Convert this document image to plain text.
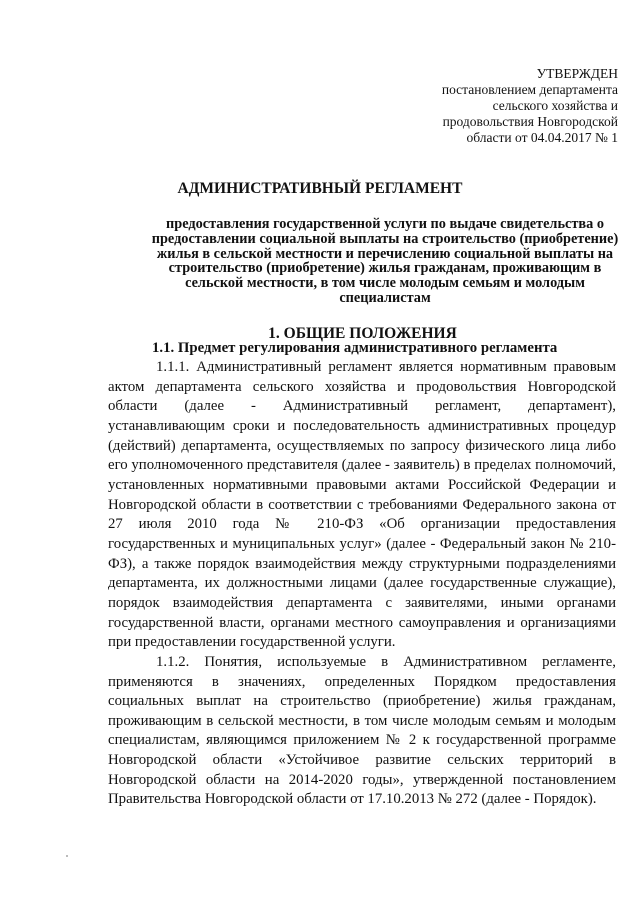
УТВЕРЖДЕН
постановлением департамента
сельского хозяйства и
продовольствия Новгородской
области от 04.04.2017 № 1
АДМИНИСТРАТИВНЫЙ РЕГЛАМЕНТ
предоставления государственной услуги по выдаче свидетельства о предоставлении социальной выплаты на строительство (приобретение) жилья в сельской местности и перечислению социальной выплаты на строительство (приобретение) жилья гражданам, проживающим в сельской местности, в том числе молодым семьям и молодым специалистам
1. ОБЩИЕ ПОЛОЖЕНИЯ
1.1. Предмет регулирования административного регламента

1.1.1. Административный регламент является нормативным правовым актом департамента сельского хозяйства и продовольствия Новгородской области (далее - Административный регламент, департамент), устанавливающим сроки и последовательность административных процедур (действий) департамента, осуществляемых по запросу физического лица либо его уполномоченного представителя (далее - заявитель) в пределах полномочий, установленных нормативными правовыми актами Российской Федерации и Новгородской области в соответствии с требованиями Федерального закона от 27 июля 2010 года № 210-ФЗ «Об организации предоставления государственных и муниципальных услуг» (далее - Федеральный закон № 210-ФЗ), а также порядок взаимодействия между структурными подразделениями департамента, их должностными лицами (далее государственные служащие), порядок взаимодействия департамента с заявителями, иными органами государственной власти, органами местного самоуправления и организациями при предоставлении государственной услуги.

1.1.2. Понятия, используемые в Административном регламенте, применяются в значениях, определенных Порядком предоставления социальных выплат на строительство (приобретение) жилья гражданам, проживающим в сельской местности, в том числе молодым семьям и молодым специалистам, являющимся приложением № 2 к государственной программе Новгородской области «Устойчивое развитие сельских территорий в Новгородской области на 2014-2020 годы», утвержденной постановлением Правительства Новгородской области от 17.10.2013 № 272 (далее - Порядок).
